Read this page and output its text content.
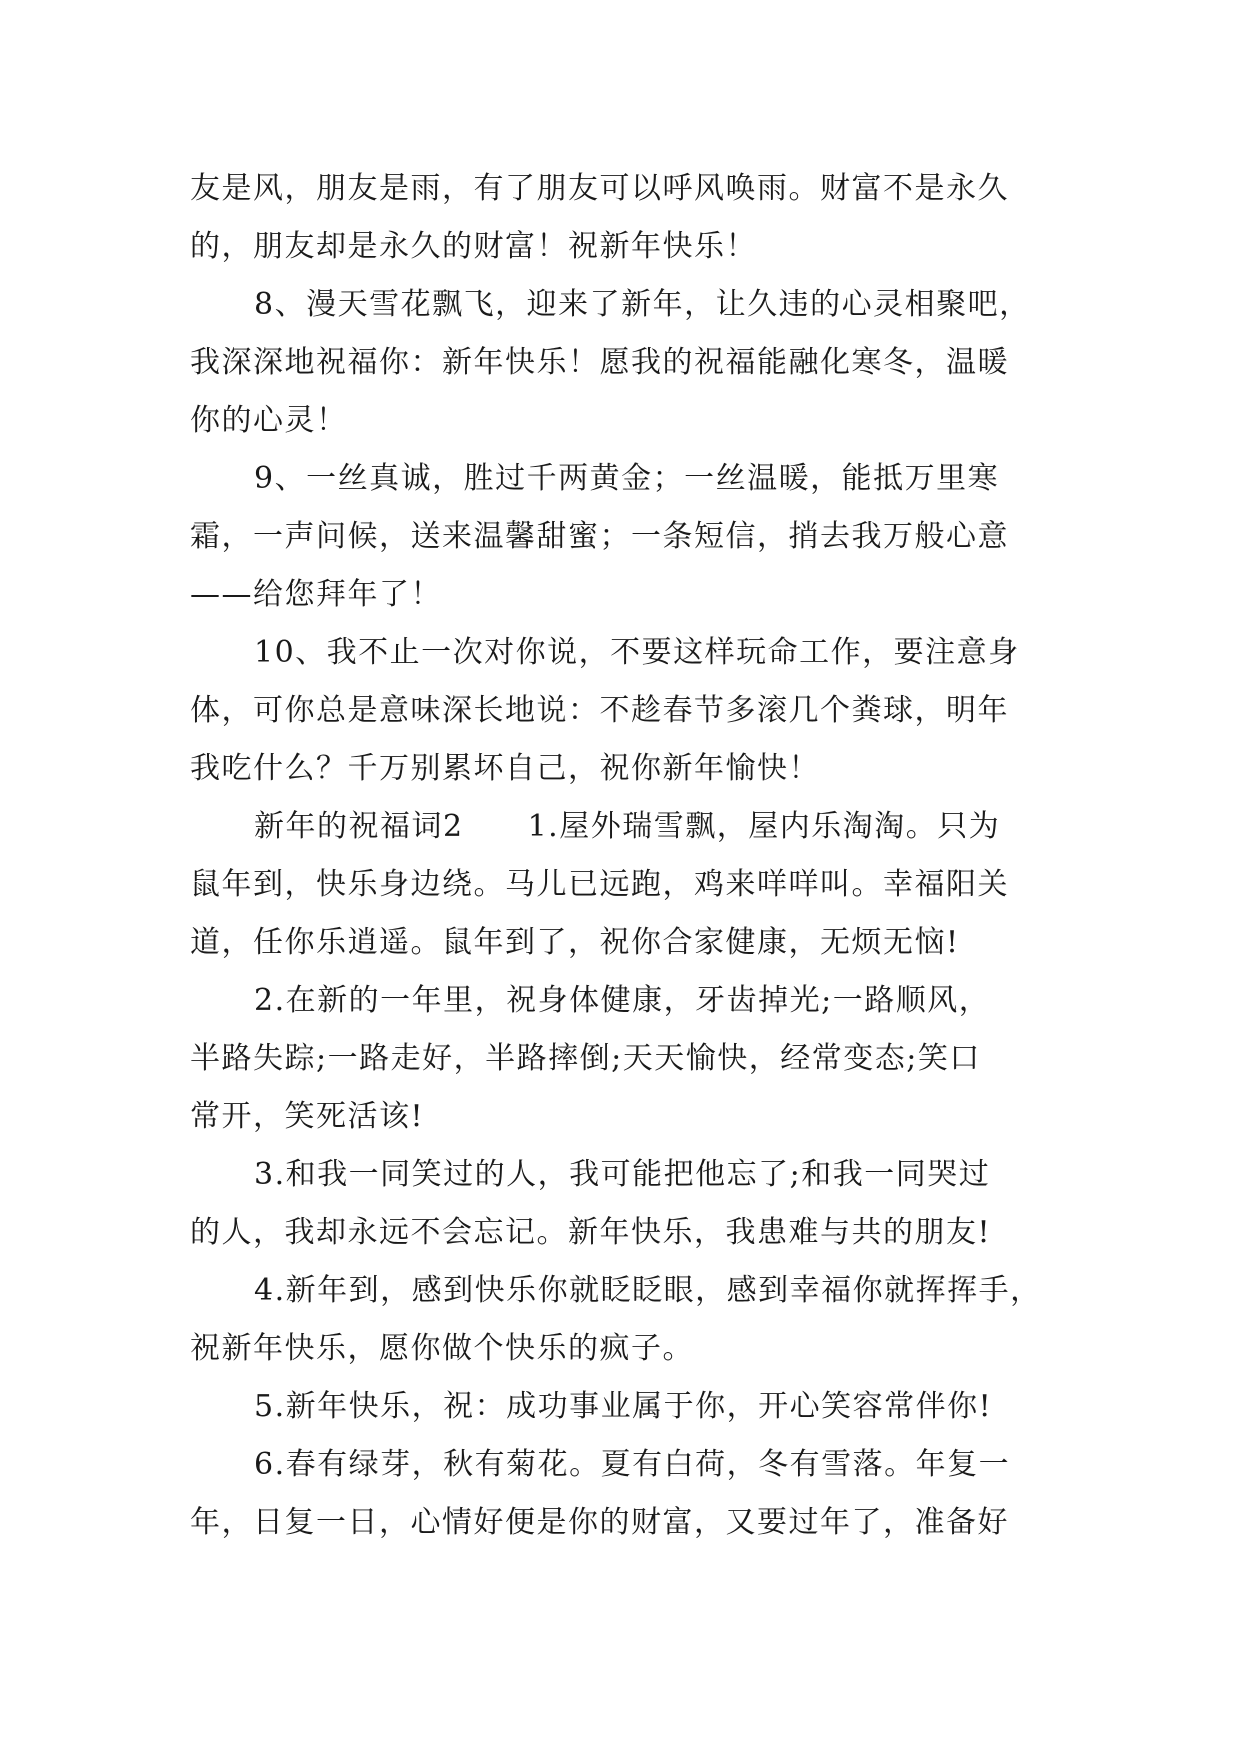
友是风，朋友是雨，有了朋友可以呼风唤雨。财富不是永久
的，朋友却是永久的财富！祝新年快乐！
8、漫天雪花飘飞，迎来了新年，让久违的心灵相聚吧，
我深深地祝福你：新年快乐！愿我的祝福能融化寒冬，温暖
你的心灵！
9、一丝真诚，胜过千两黄金；一丝温暖，能抵万里寒
霜，一声问候，送来温馨甜蜜；一条短信，捎去我万般心意
——给您拜年了！
10、我不止一次对你说，不要这样玩命工作，要注意身
体，可你总是意味深长地说：不趁春节多滚几个粪球，明年
我吃什么？千万别累坏自己，祝你新年愉快！
新年的祝福词2 1.屋外瑞雪飘，屋内乐淘淘。只为
鼠年到，快乐身边绕。马儿已远跑，鸡来咩咩叫。幸福阳关
道，任你乐逍遥。鼠年到了，祝你合家健康，无烦无恼!
2.在新的一年里，祝身体健康，牙齿掉光;一路顺风，
半路失踪;一路走好，半路摔倒;天天愉快，经常变态;笑口
常开，笑死活该!
3.和我一同笑过的人，我可能把他忘了;和我一同哭过
的人，我却永远不会忘记。新年快乐，我患难与共的朋友!
4.新年到，感到快乐你就眨眨眼，感到幸福你就挥挥手，
祝新年快乐，愿你做个快乐的疯子。
5.新年快乐，祝：成功事业属于你，开心笑容常伴你!
6.春有绿芽，秋有菊花。夏有白荷，冬有雪落。年复一
年，日复一日，心情好便是你的财富，又要过年了，准备好
